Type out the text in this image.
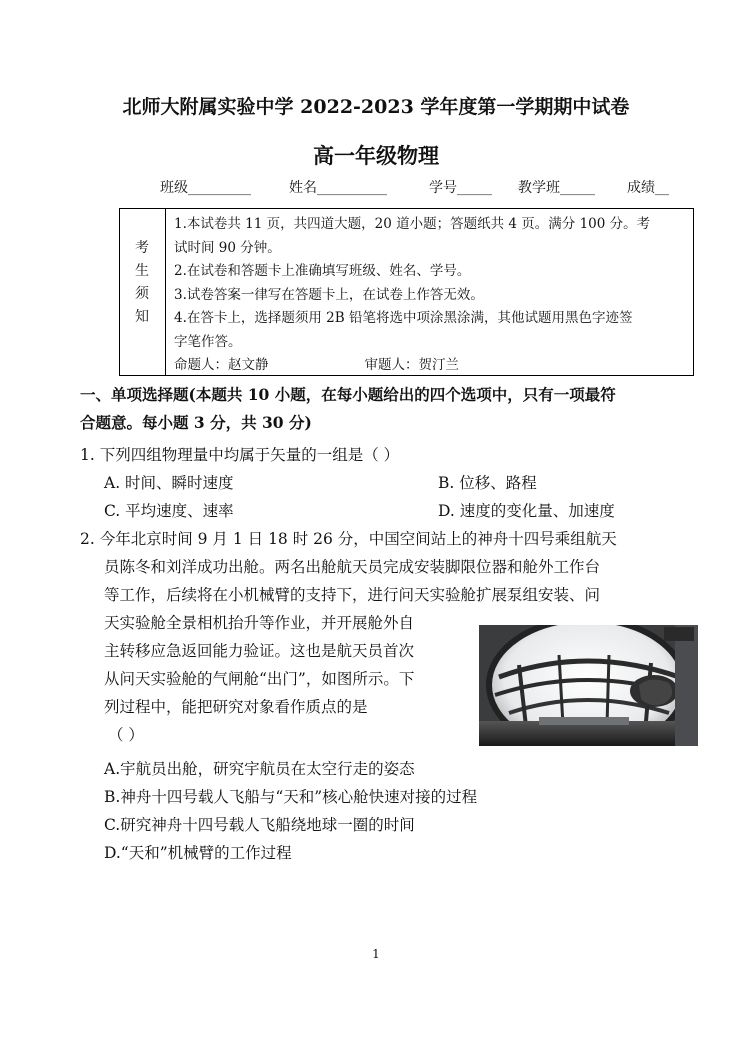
北师大附属实验中学 2022-2023 学年度第一学期期中试卷
高一年级物理
班级_________	姓名__________	学号_____ 教学班_____ 成绩__
考
生
须
知

1.本试卷共 11 页，共四道大题，20 道小题；答题纸共 4 页。满分 100 分。考

试时间 90 分钟。

2.在试卷和答题卡上准确填写班级、姓名、学号。

3.试卷答案一律写在答题卡上，在试卷上作答无效。

4.在答卡上，选择题须用 2B 铅笔将选中项涂黑涂满，其他试题用黑色字迹签

字笔作答。

命题人：赵文静	审题人：贺汀兰

一、单项选择题(本题共 10 小题，在每小题给出的四个选项中，只有一项最符
合题意。每小题 3 分，共 30 分)
1. 下列四组物理量中均属于矢量的一组是（ ）
A. 时间、瞬时速度	B. 位移、路程
C. 平均速度、速率	D. 速度的变化量、加速度
2. 今年北京时间 9 月 1 日 18 时 26 分，中国空间站上的神舟十四号乘组航天
员陈冬和刘洋成功出舱。两名出舱航天员完成安装脚限位器和舱外工作台
等工作，后续将在小机械臂的支持下，进行问天实验舱扩展泵组安装、问
天实验舱全景相机抬升等作业，并开展舱外自
主转移应急返回能力验证。这也是航天员首次
从问天实验舱的气闸舱“出门”，如图所示。下
列过程中，能把研究对象看作质点的是
（ ）
A.宇航员出舱，研究宇航员在太空行走的姿态
B.神舟十四号载人飞船与“天和”核心舱快速对接的过程
C.研究神舟十四号载人飞船绕地球一圈的时间
D.“天和”机械臂的工作过程
1
